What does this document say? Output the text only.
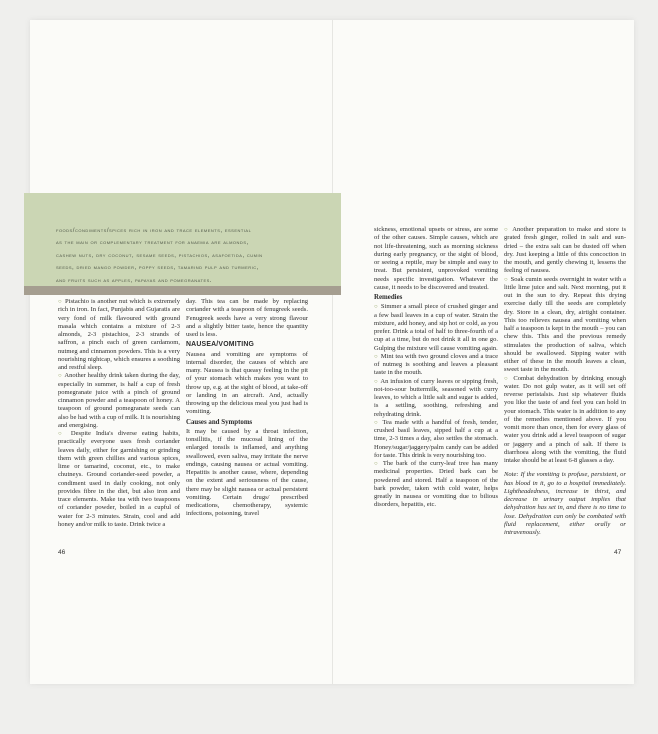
foods/condiments/spices rich in iron and trace elements, essential
as the main or complementary treatment for anaemia are almonds,
cashew nuts, dry coconut, sesame seeds, pistachios, asafoetida, cumin
seeds, dried mango powder, poppy seeds, tamarind pulp and turmeric,
and fruits such as apples, papayas and pomegranates.

○ Pistachio is another nut which is extremely rich in iron. In fact, Punjabis and Gujaratis are very fond of milk flavoured with ground masala which contains a mixture of 2-3 almonds, 2-3 pistachios, 2-3 strands of saffron, a pinch each of green cardamom, nutmeg and cinnamon powders. This is a very nourishing nightcap, which ensures a soothing and restful sleep.

○ Another healthy drink taken during the day, especially in summer, is half a cup of fresh pomegranate juice with a pinch of ground cinnamon powder and a teaspoon of honey. A teaspoon of ground pomegranate seeds can also be had with a cup of milk. It is nourishing and energising.

○ Despite India's diverse eating habits, practically everyone uses fresh coriander leaves daily, either for garnishing or grinding them with green chillies and various spices, lime or tamarind, coconut, etc., to make chutneys. Ground coriander-seed powder, a condiment used in daily cooking, not only provides fibre in the diet, but also iron and trace elements. Make tea with two teaspoons of coriander powder, boiled in a cupful of water for 2-3 minutes. Strain, cool and add honey and/or milk to taste. Drink twice a

day. This tea can be made by replacing coriander with a teaspoon of fenugreek seeds. Fenugreek seeds have a very strong flavour and a slightly bitter taste, hence the quantity used is less.

NAUSEA/VOMITING

Nausea and vomiting are symptoms of internal disorder, the causes of which are many. Nausea is that queasy feeling in the pit of your stomach which makes you want to throw up, e.g. at the sight of blood, at take-off or landing in an aircraft. And, actually throwing up the delicious meal you just had is vomiting.

Causes and Symptoms

It may be caused by a throat infection, tonsillitis, if the mucosal lining of the enlarged tonsils is inflamed, and anything swallowed, even saliva, may irritate the nerve endings, causing nausea or actual vomiting. Hepatitis is another cause, where, depending on the extent and seriousness of the cause, there may be slight nausea or actual persistent vomiting. Certain drugs/ prescribed medications, chemotherapy, systemic infections, poisoning, travel

46

sickness, emotional upsets or stress, are some of the other causes. Simple causes, which are not life-threatening, such as morning sickness during early pregnancy, or the sight of blood, or seeing a reptile, may be simple and easy to treat. But persistent, unprovoked vomiting needs specific investigation. Whatever the cause, it needs to be discovered and treated.

Remedies

○ Simmer a small piece of crushed ginger and a few basil leaves in a cup of water. Strain the mixture, add honey, and sip hot or cold, as you prefer. Drink a total of half to three-fourth of a cup at a time, but do not drink it all in one go. Gulping the mixture will cause vomiting again.

○ Mint tea with two ground cloves and a trace of nutmeg is soothing and leaves a pleasant taste in the mouth.

○ An infusion of curry leaves or sipping fresh, not-too-sour buttermilk, seasoned with curry leaves, to which a little salt and sugar is added, is a settling, soothing, refreshing and rehydrating drink.

○ Tea made with a handful of fresh, tender, crushed basil leaves, sipped half a cup at a time, 2-3 times a day, also settles the stomach. Honey/sugar/jaggery/palm candy can be added for taste. This drink is very nourishing too.

○ The bark of the curry-leaf tree has many medicinal properties. Dried bark can be powdered and stored. Half a teaspoon of the bark powder, taken with cold water, helps greatly in nausea or vomiting due to bilious disorders, hepatitis, etc.

○ Another preparation to make and store is grated fresh ginger, rolled in salt and sun-dried – the extra salt can be dusted off when dry. Just keeping a little of this concoction in the mouth, and gently chewing it, lessens the feeling of nausea.

○ Soak cumin seeds overnight in water with a little lime juice and salt. Next morning, put it out in the sun to dry. Repeat this drying exercise daily till the seeds are completely dry. Store in a clean, dry, airtight container. This too relieves nausea and vomiting when half a teaspoon is kept in the mouth – you can chew this. This and the previous remedy stimulates the production of saliva, which should be swallowed. Sipping water with either of these in the mouth leaves a clean, sweet taste in the mouth.

○ Combat dehydration by drinking enough water. Do not gulp water, as it will set off reverse peristalsis. Just sip whatever fluids you like the taste of and feel you can hold in your stomach. This water is in addition to any of the remedies mentioned above. If you vomit more than once, then for every glass of water you drink add a level teaspoon of sugar or jaggery and a pinch of salt. If there is diarrhoea along with the vomiting, the fluid intake should be at least 6-8 glasses a day.

Note: If the vomiting is profuse, persistent, or has blood in it, go to a hospital immediately. Lightheadedness, increase in thirst, and decrease in urinary output implies that dehydration has set in, and there is no time to lose. Dehydration can only be combated with fluid replacement, either orally or intravenously.

47
